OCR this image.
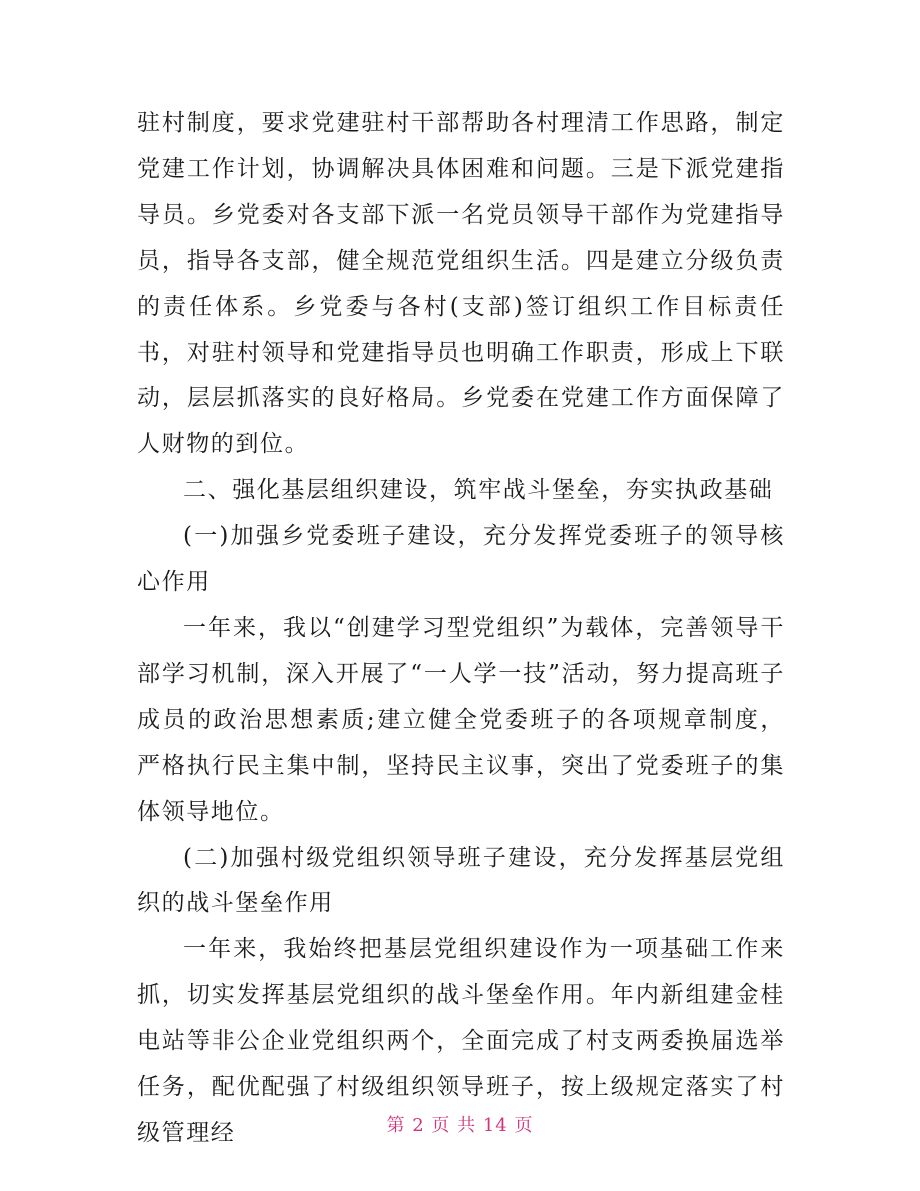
驻村制度，要求党建驻村干部帮助各村理清工作思路，制定党建工作计划，协调解决具体困难和问题。三是下派党建指导员。乡党委对各支部下派一名党员领导干部作为党建指导员，指导各支部，健全规范党组织生活。四是建立分级负责的责任体系。乡党委与各村(支部)签订组织工作目标责任书，对驻村领导和党建指导员也明确工作职责，形成上下联动，层层抓落实的良好格局。乡党委在党建工作方面保障了人财物的到位。

二、强化基层组织建设，筑牢战斗堡垒，夯实执政基础

(一)加强乡党委班子建设，充分发挥党委班子的领导核心作用

一年来，我以“创建学习型党组织”为载体，完善领导干部学习机制，深入开展了“一人学一技”活动，努力提高班子成员的政治思想素质;建立健全党委班子的各项规章制度，严格执行民主集中制，坚持民主议事，突出了党委班子的集体领导地位。

(二)加强村级党组织领导班子建设，充分发挥基层党组织的战斗堡垒作用

一年来，我始终把基层党组织建设作为一项基础工作来抓，切实发挥基层党组织的战斗堡垒作用。年内新组建金桂电站等非公企业党组织两个，全面完成了村支两委换届选举任务，配优配强了村级组织领导班子，按上级规定落实了村级管理经	第 2 页 共 14 页
